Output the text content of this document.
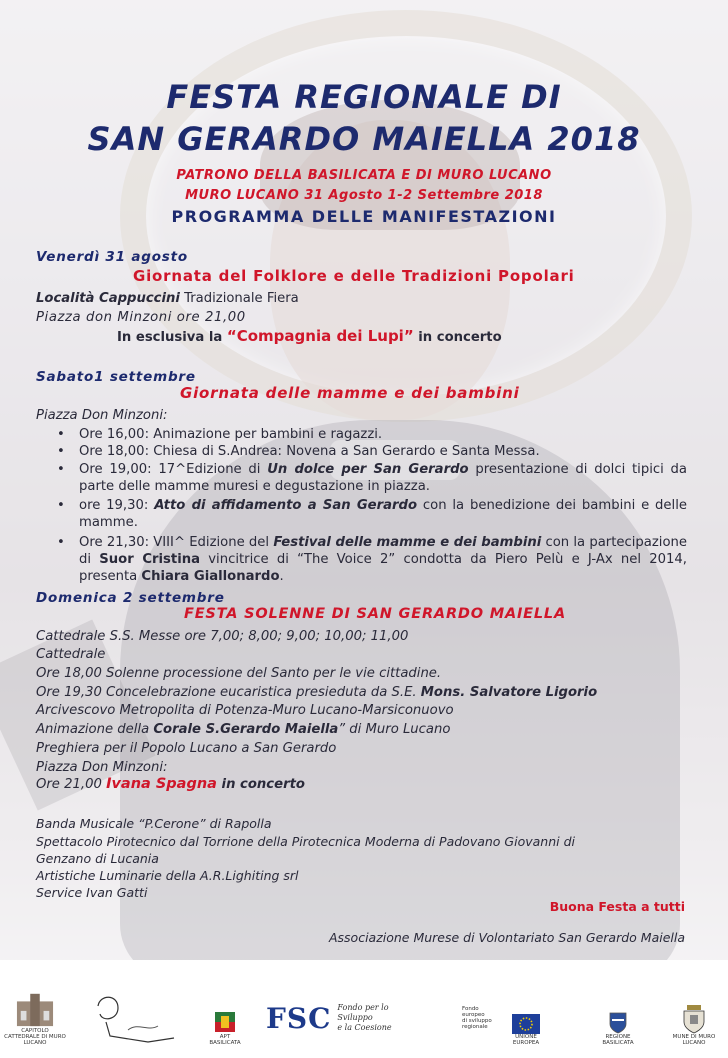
FESTA REGIONALE DI
SAN GERARDO MAIELLA 2018
PATRONO DELLA BASILICATA E DI MURO LUCANO
MURO LUCANO 31 Agosto 1-2 Settembre 2018
PROGRAMMA DELLE MANIFESTAZIONI
Venerdì 31 agosto
Giornata del Folklore e delle Tradizioni Popolari
Località Cappuccini Tradizionale Fiera
Piazza don Minzoni ore 21,00
In esclusiva la “Compagnia dei Lupi” in concerto
Sabato1 settembre
Giornata delle mamme e dei bambini
Piazza Don Minzoni:
• Ore 16,00: Animazione per bambini e ragazzi.
• Ore 18,00: Chiesa di S.Andrea: Novena a San Gerardo e Santa Messa.
• Ore 19,00: 17^Edizione di Un dolce per San Gerardo presentazione di dolci tipici da parte delle mamme muresi e degustazione in piazza.
• ore 19,30: Atto di affidamento a San Gerardo con la benedizione dei bambini e delle mamme.
• Ore 21,30: VIII^ Edizione del Festival delle mamme e dei bambini con la partecipazione di Suor Cristina vincitrice di “The Voice 2” condotta da Piero Pelù e J-Ax nel 2014, presenta Chiara Giallonardo.
Domenica 2 settembre
FESTA SOLENNE DI SAN GERARDO MAIELLA
Cattedrale S.S. Messe ore 7,00; 8,00; 9,00; 10,00; 11,00
Cattedrale
Ore 18,00 Solenne processione del Santo per le vie cittadine.
Ore 19,30 Concelebrazione eucaristica presieduta da S.E. Mons. Salvatore Ligorio
Arcivescovo Metropolita di Potenza-Muro Lucano-Marsiconuovo
Animazione della Corale S.Gerardo Maiella” di Muro Lucano
Preghiera per il Popolo Lucano a San Gerardo
Piazza Don Minzoni:
Ore 21,00 Ivana Spagna in concerto
Banda Musicale “P.Cerone” di Rapolla
Spettacolo Pirotecnico dal Torrione della Pirotecnica Moderna di Padovano Giovanni di
Genzano di Lucania
Artistiche Luminarie della A.R.Lighiting srl
Service Ivan Gatti
Buona Festa a tutti
Associazione Murese di Volontariato San Gerardo Maiella
CAPITOLO CATTEDRALE DI MURO LUCANO
APT BASILICATA
FSC Fondo per lo Sviluppo
e la Coesione
Fondo
europeo
di sviluppo
regionale
UNIONE EUROPEA
REGIONE BASILICATA
MUNE DI MURO LUCANO
